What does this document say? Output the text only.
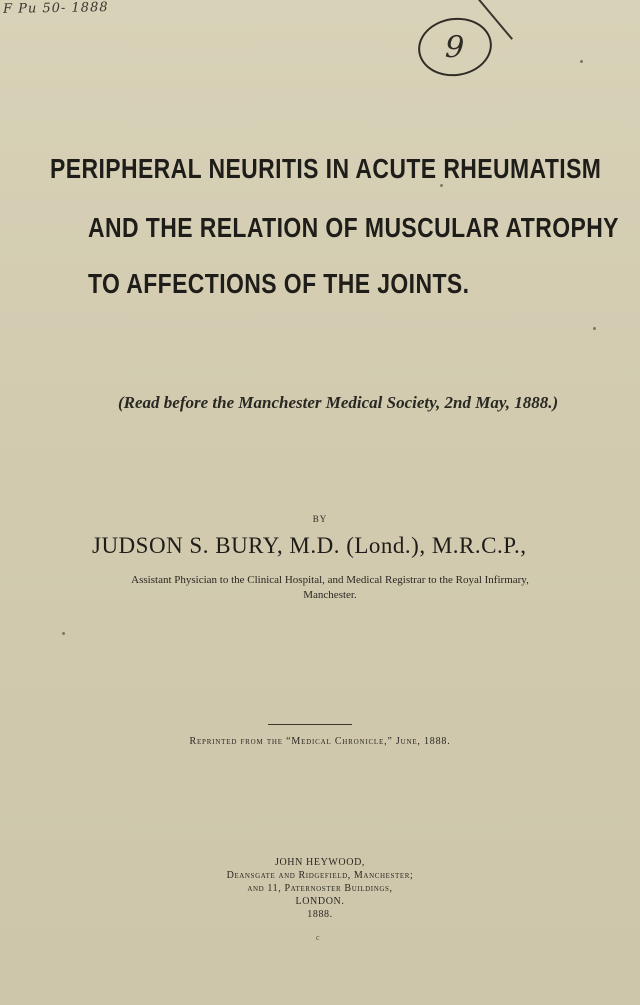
F Pu 50- 1888
9
PERIPHERAL NEURITIS IN ACUTE RHEUMATISM
AND THE RELATION OF MUSCULAR ATROPHY
TO AFFECTIONS OF THE JOINTS.
(Read before the Manchester Medical Society, 2nd May, 1888.)
BY
JUDSON S. BURY, M.D. (Lond.), M.R.C.P.,
Assistant Physician to the Clinical Hospital, and Medical Registrar to the Royal Infirmary,
Manchester.
Reprinted from the “Medical Chronicle,” June, 1888.
JOHN HEYWOOD,
Deansgate and Ridgefield, Manchester;
and 11, Paternoster Buildings,
LONDON.
1888.
c
